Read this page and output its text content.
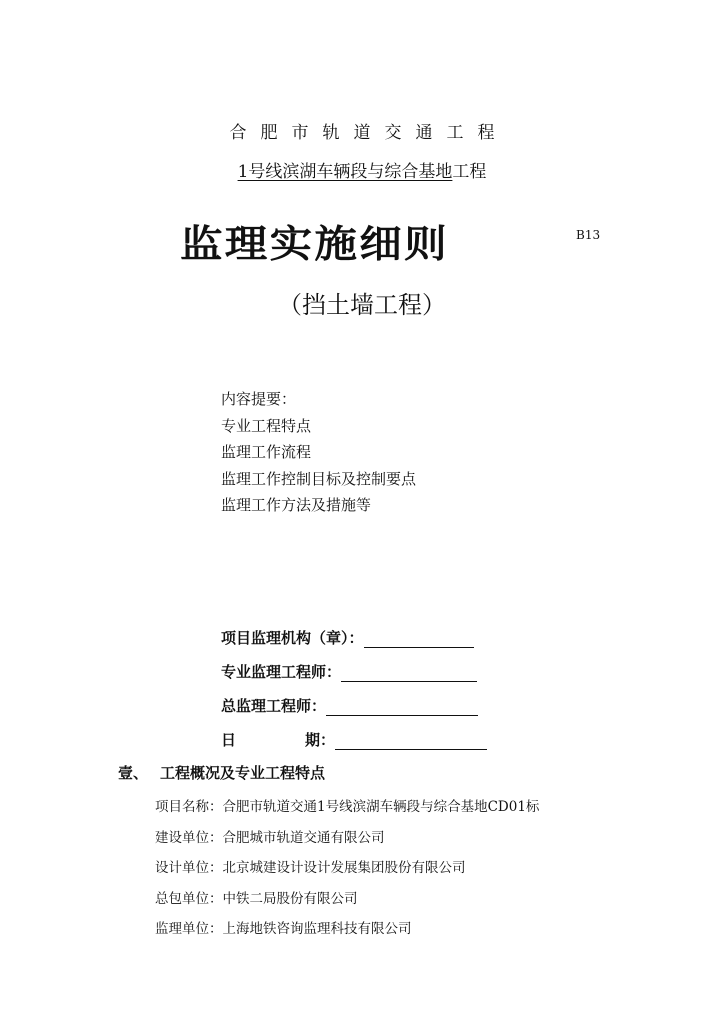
合肥市轨道交通工程
1号线滨湖车辆段与综合基地工程
监理实施细则	B13
（挡土墙工程）
内容提要：
专业工程特点
监理工作流程
监理工作控制目标及控制要点
监理工作方法及措施等
项目监理机构（章）：
专业监理工程师：
总监理工程师：
日	期：
壹、 工程概况及专业工程特点
项目名称：合肥市轨道交通1号线滨湖车辆段与综合基地CD01标
建设单位：合肥城市轨道交通有限公司
设计单位：北京城建设计设计发展集团股份有限公司
总包单位：中铁二局股份有限公司
监理单位：上海地铁咨询监理科技有限公司
